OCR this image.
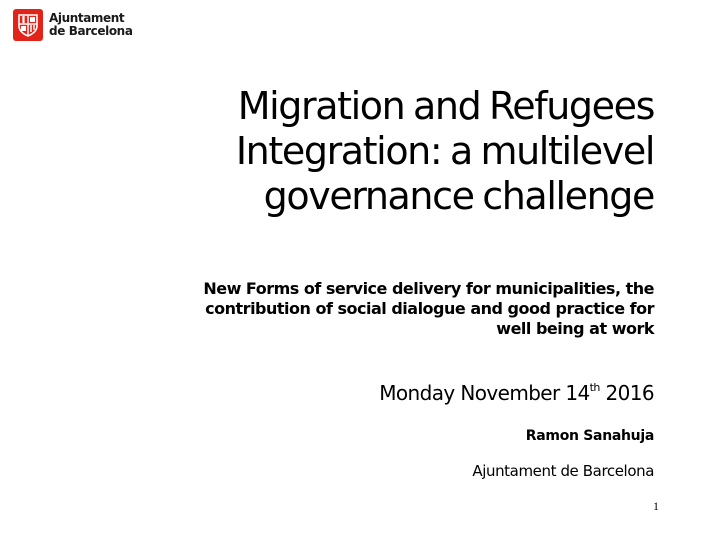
Ajuntament
de Barcelona
Migration and Refugees
Integration: a multilevel
governance challenge
New Forms of service delivery for municipalities, the
contribution of social dialogue and good practice for
well being at work
Monday November 14th 2016
Ramon Sanahuja
Ajuntament de Barcelona
1
